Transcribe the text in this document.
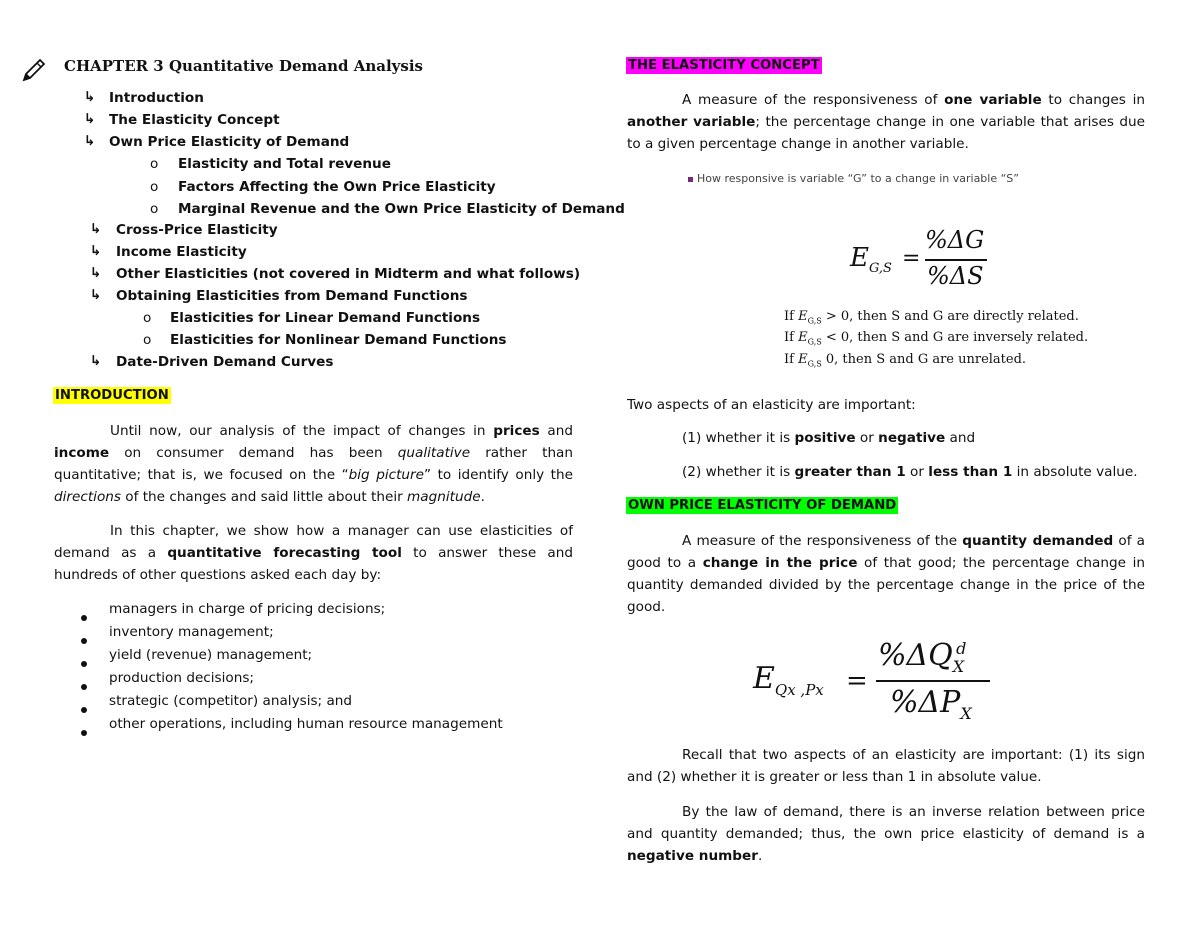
CHAPTER 3 Quantitative Demand Analysis
↳ Introduction
↳ The Elasticity Concept
↳ Own Price Elasticity of Demand
o Elasticity and Total revenue
o Factors Affecting the Own Price Elasticity
o Marginal Revenue and the Own Price Elasticity of Demand
↳ Cross-Price Elasticity
↳ Income Elasticity
↳ Other Elasticities (not covered in Midterm and what follows)
↳ Obtaining Elasticities from Demand Functions
o Elasticities for Linear Demand Functions
o Elasticities for Nonlinear Demand Functions
↳ Date-Driven Demand Curves
INTRODUCTION
Until now, our analysis of the impact of changes in prices and income on consumer demand has been qualitative rather than quantitative; that is, we focused on the “big picture” to identify only the directions of the changes and said little about their magnitude.
In this chapter, we show how a manager can use elasticities of demand as a quantitative forecasting tool to answer these and hundreds of other questions asked each day by:
managers in charge of pricing decisions;
inventory management;
yield (revenue) management;
production decisions;
strategic (competitor) analysis; and
other operations, including human resource management
THE ELASTICITY CONCEPT
A measure of the responsiveness of one variable to changes in another variable; the percentage change in one variable that arises due to a given percentage change in another variable.
How responsive is variable “G” to a change in variable “S”
$E_{G,S}$ =
%ΔG
%ΔS
If $E_{G,S} > 0$, then S and G are directly related.
If $E_{G,S} < 0$, then S and G are inversely related.
If $E_{G,S}$ 0, then S and G are unrelated.
Two aspects of an elasticity are important:
(1) whether it is positive or negative and
(2) whether it is greater than 1 or less than 1 in absolute value.
OWN PRICE ELASTICITY OF DEMAND
A measure of the responsiveness of the quantity demanded of a good to a change in the price of that good; the percentage change in quantity demanded divided by the percentage change in the price of the good.
$E_{Qx ,Px}$ =
$\%\Delta Q_X^d$
$\%\Delta P_X$
Recall that two aspects of an elasticity are important: (1) its sign and (2) whether it is greater or less than 1 in absolute value.
By the law of demand, there is an inverse relation between price and quantity demanded; thus, the own price elasticity of demand is a negative number.
